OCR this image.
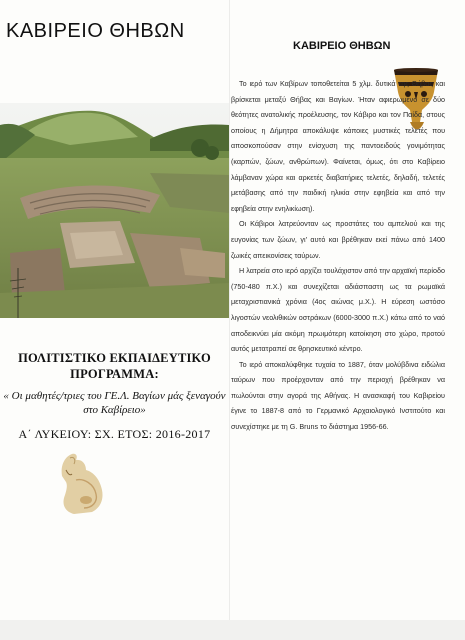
ΚΑΒΙΡΕΙΟ ΘΗΒΩΝ
ΠΟΛΙΤΙΣΤΙΚΟ ΕΚΠΑΙΔΕΥΤΙΚΟ ΠΡΟΓΡΑΜΜΑ:
« Οι μαθητές/τριες του ΓΕ.Λ. Βαγίων μάς ξεναγούν στο Καβίρειο»
Α΄ ΛΥΚΕΙΟΥ: ΣΧ. ΕΤΟΣ: 2016-2017
ΚΑΒΙΡΕΙΟ ΘΗΒΩΝ

Το ιερό των Καβίρων τοποθετείται 5 χλμ. δυτικά της Θήβας και βρίσκεται μεταξύ Θήβας και Βαγίων. Ήταν αφιερωμένο σε δύο θεότητες ανατολικής προέλευσης, τον Κάβιρο και τον Παίδα, στους οποίους η Δήμητρα αποκάλυψε κάποιες μυστικές τελετές που αποσκοπούσαν στην ενίσχυση της παντοειδούς γονιμότητας (καρπών, ζώων, ανθρώπων). Φαίνεται, όμως, ότι στο Καβίρειο λάμβαναν χώρα και αρκετές διαβατήριες τελετές, δηλαδή, τελετές μετάβασης από την παιδική ηλικία στην εφηβεία και από την εφηβεία στην ενηλικίωση).

Οι Κάβιροι λατρεύονταν ως προστάτες του αμπελιού και της ευγονίας των ζώων, γι' αυτό και βρέθηκαν εκεί πάνω από 1400 ζωικές απεικονίσεις ταύρων.

Η λατρεία στο ιερό αρχίζει τουλάχιστον από την αρχαϊκή περίοδο (750-480 π.Χ.) και συνεχίζεται αδιάσπαστη ως τα ρωμαϊκά μεταχριστιανικά χρόνια (4ος αιώνας μ.Χ.). Η εύρεση ωστόσο λιγοστών νεολιθικών οστράκων (6000-3000 π.Χ.) κάτω από το ναό αποδεικνύει μία ακόμη πρωιμότερη κατοίκηση στο χώρο, προτού αυτός μετατραπεί σε θρησκευτικό κέντρο.

Το ιερό αποκαλύφθηκε τυχαία το 1887, όταν μολύβδινα ειδώλια ταύρων που προέρχονταν από την περιοχή βρέθηκαν να πωλούνται στην αγορά της Αθήνας. Η ανασκαφή του Καβιρείου έγινε το 1887-8 από το Γερμανικό Αρχαιολογικό Ινστιτούτο και συνεχίστηκε με τη G. Bruns το διάστημα 1956-66.
